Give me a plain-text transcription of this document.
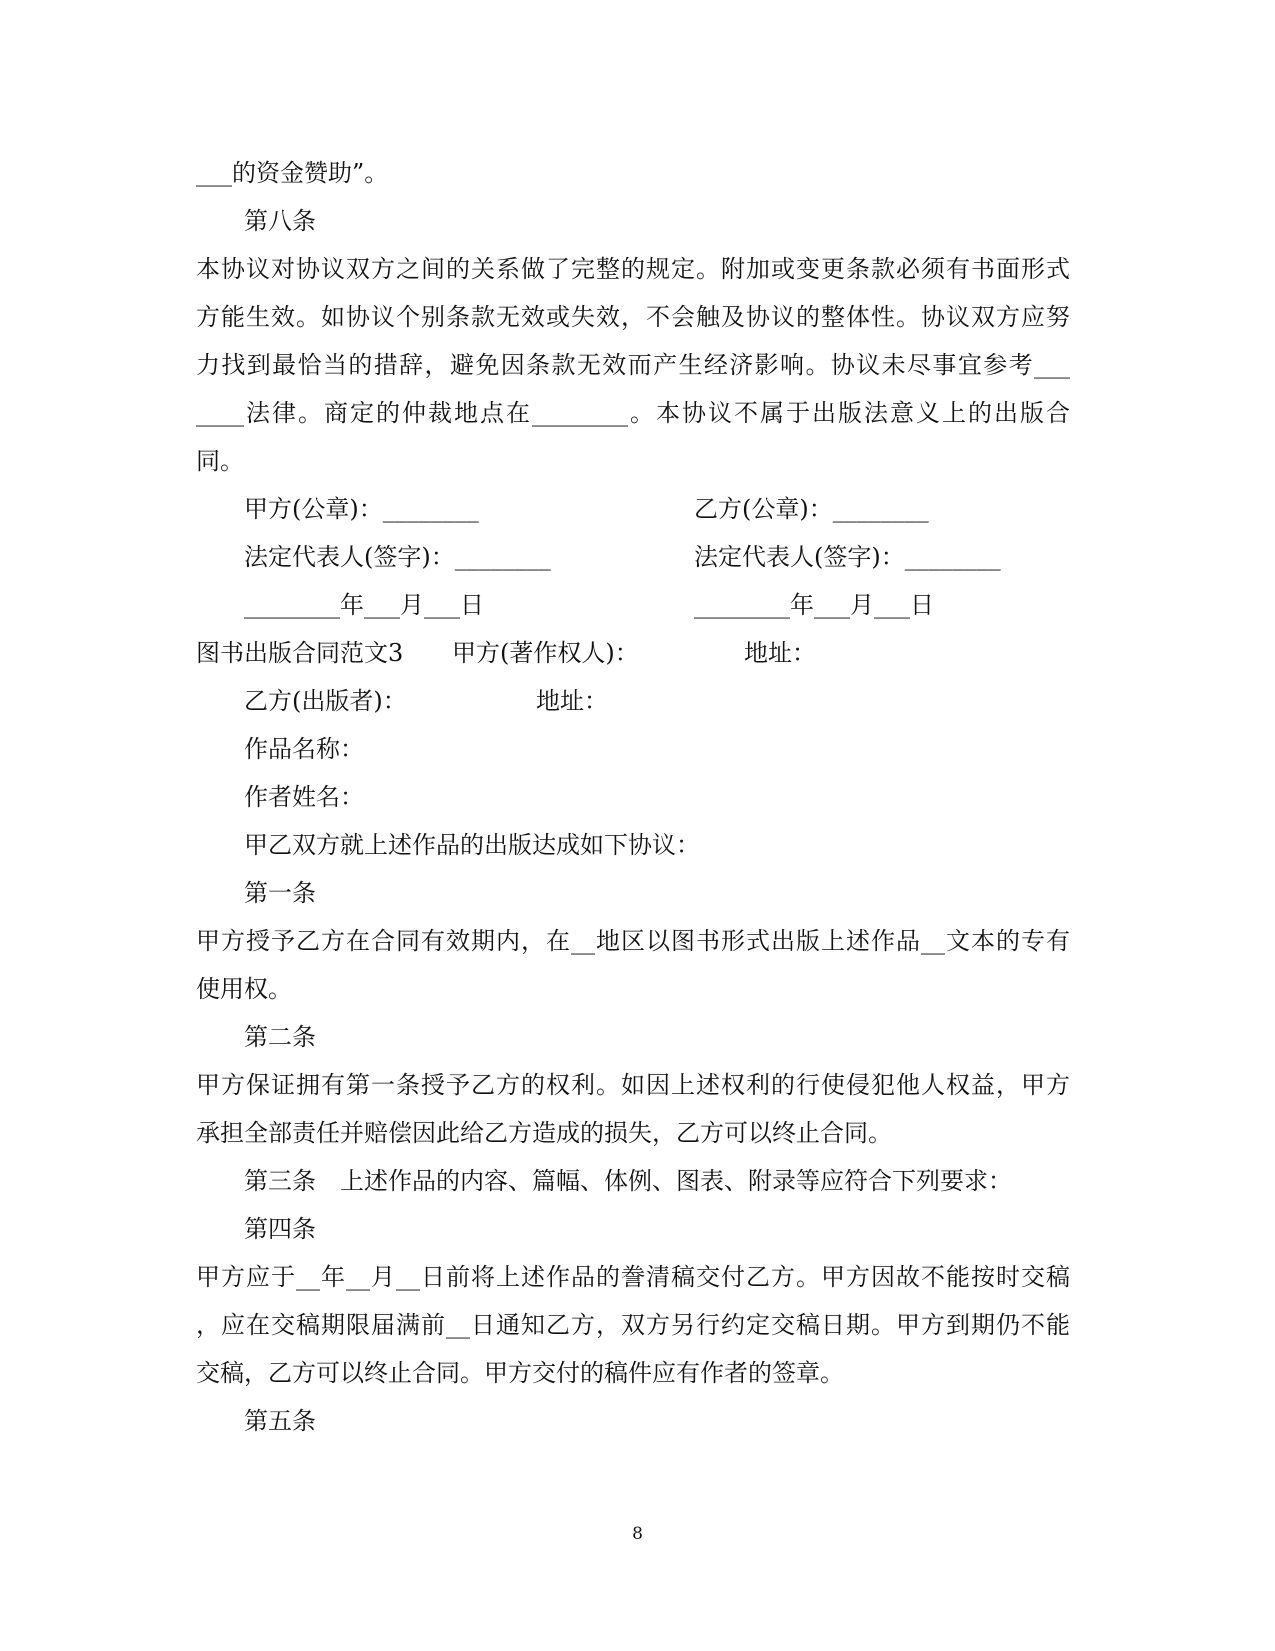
___的资金赞助”。
第八条
本协议对协议双方之间的关系做了完整的规定。附加或变更条款必须有书面形式
方能生效。如协议个别条款无效或失效，不会触及协议的整体性。协议双方应努
力找到最恰当的措辞，避免因条款无效而产生经济影响。协议未尽事宜参考___
____法律。商定的仲裁地点在________。本协议不属于出版法意义上的出版合
同。
甲方(公章)：________	乙方(公章)：________
法定代表人(签字)：________	法定代表人(签字)：________
________年___月___日	________年___月___日
图书出版合同范文3 甲方(著作权人)：	地址：
乙方(出版者)：	地址：
作品名称：
作者姓名：
甲乙双方就上述作品的出版达成如下协议：
第一条
甲方授予乙方在合同有效期内，在__地区以图书形式出版上述作品__文本的专有
使用权。
第二条
甲方保证拥有第一条授予乙方的权利。如因上述权利的行使侵犯他人权益，甲方
承担全部责任并赔偿因此给乙方造成的损失，乙方可以终止合同。
第三条　上述作品的内容、篇幅、体例、图表、附录等应符合下列要求：
第四条
甲方应于__年__月__日前将上述作品的誊清稿交付乙方。甲方因故不能按时交稿
，应在交稿期限届满前__日通知乙方，双方另行约定交稿日期。甲方到期仍不能
交稿，乙方可以终止合同。甲方交付的稿件应有作者的签章。
第五条
8
